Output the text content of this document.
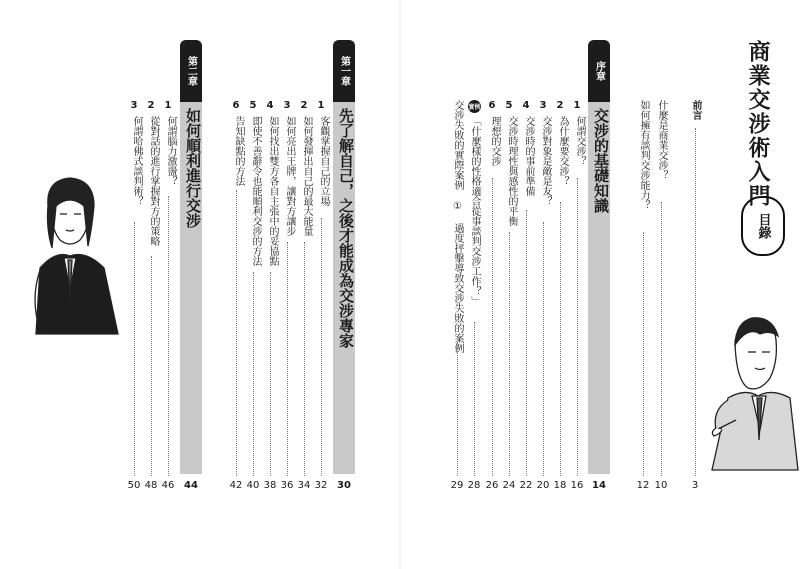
商業交涉術入門
目錄
前言
3
什麼是商業交涉？
10
如何擁有談判交涉能力？
12
序章
交涉的基礎知識
14
1
何謂交涉？
16
2
為什麼要交涉？
18
3
交涉對象是敵是友？
20
4
交涉時的事前準備
22
5
交涉時理性與感性的平衡
24
6
理想的交涉
26
實例
「什麼樣的性格適合從事談判交涉工作？」
28
交涉失敗的實際案例 ① 過度抨擊導致交涉失敗的案例
29
第一章
先了解自己，之後才能成為交涉專家
30
1
客觀掌握自己的立場
32
2
如何發揮出自己的最大能量
34
3
如何亮出王牌，讓對方讓步
36
4
如何找出雙方各自主張中的妥協點
38
5
即使不善辭令也能順利交涉的方法
40
6
告知缺點的方法
42
第二章
如何順利進行交涉
44
1
何謂腦力激盪？
46
2
從對話的進行掌握對方的策略
48
3
何謂哈佛式談判術？
50
